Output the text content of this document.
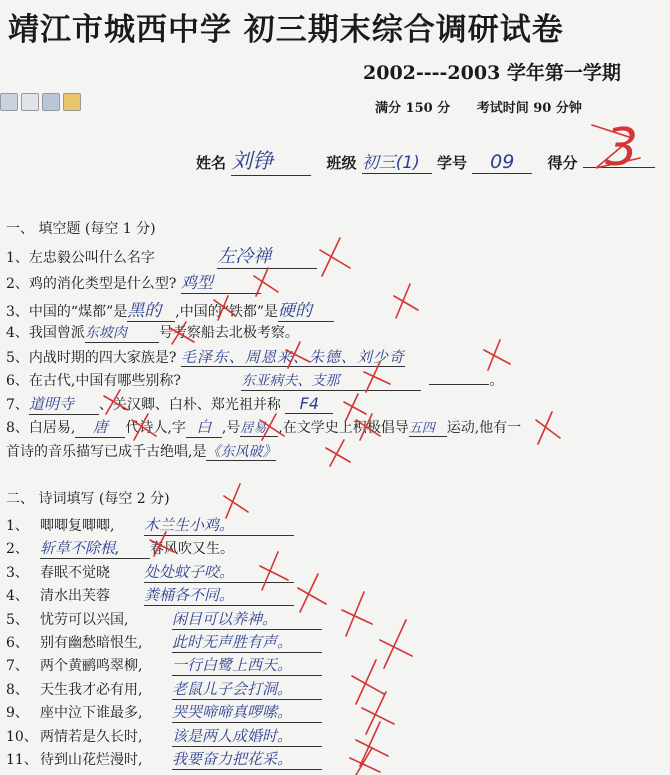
靖江市城西中学 初三期末综合调研试卷
2002----2003 学年第一学期
满分 150 分 考试时间 90 分钟
姓名 刘铮	班级 初三(1) 学号 09 得分 3
一、 填空题 (每空 1 分)
1、左忠毅公叫什么名字	左冷禅
2、鸡的消化类型是什么型? 鸡型
3、中国的“煤都”是黑的 ,中国的“铁都”是硬的
4、我国曾派东坡肉 号考察船去北极考察。
5、内战时期的四大家族是? 毛泽东、周恩来、朱德、刘少奇
6、在古代,中国有哪些别称?	东亚病夫、支那	。
7、道明寺 、关汉卿、白朴、郑光祖并称 F4
8、白居易, 唐 代诗人,字 白 ,号居易 ,在文学史上积极倡导五四 运动,他有一
首诗的音乐描写已成千古绝唱,是《东风破》
二、 诗词填写 (每空 2 分)
1、 唧唧复唧唧, 木兰生小鸡。
2、 斩草不除根, 春风吹又生。
3、 春眠不觉晓 处处蚊子咬。
4、 清水出芙蓉 粪桶各不同。
5、 忧劳可以兴国,	闲目可以养神。
6、 别有幽愁暗恨生, 此时无声胜有声。
7、 两个黄鹂鸣翠柳, 一行白鹭上西天。
8、 天生我才必有用, 老鼠儿子会打洞。
9、 座中泣下谁最多, 哭哭啼啼真啰嗦。
10、 两情若是久长时, 该是两人成婚时。
11、 待到山花烂漫时, 我要奋力把花采。
